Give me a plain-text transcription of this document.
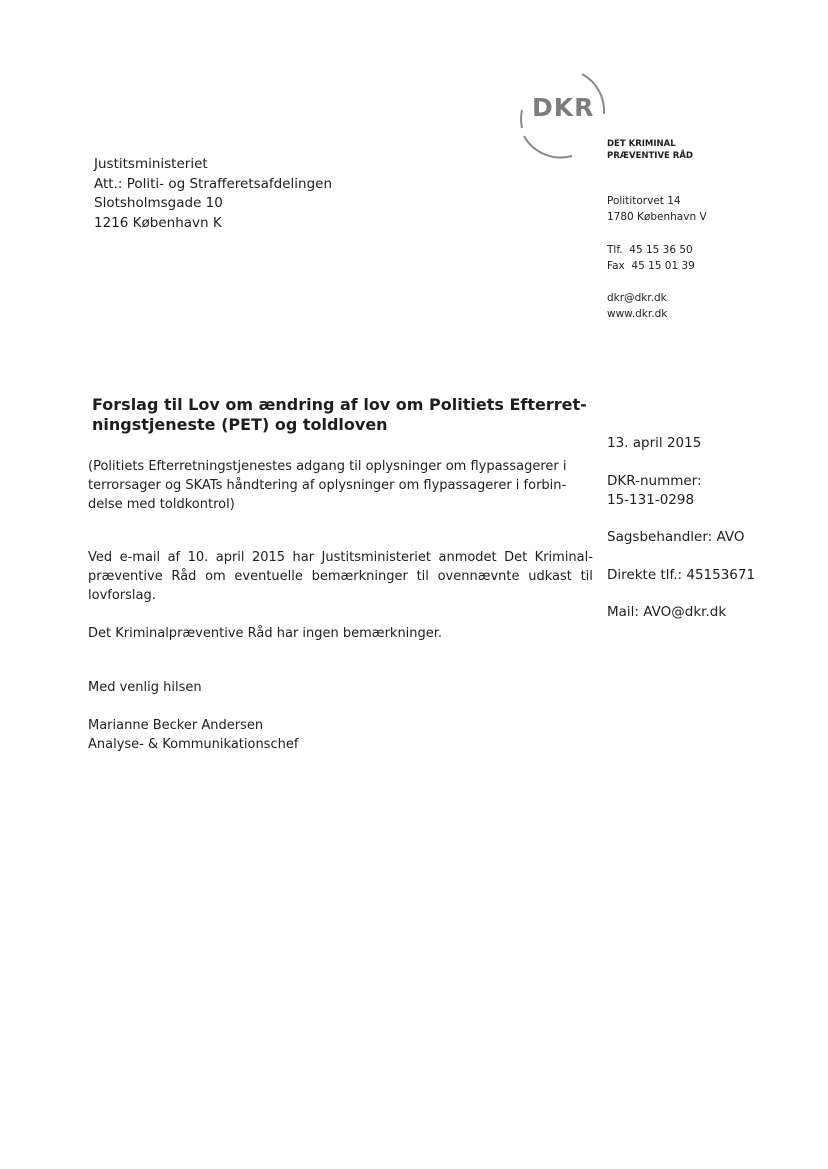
DKR
DET KRIMINAL
PRÆVENTIVE RÅD
Justitsministeriet
Att.: Politi- og Strafferetsafdelingen
Slotsholmsgade 10
1216 København K
Polititorvet 14
1780 København V
Tlf.  45 15 36 50
Fax  45 15 01 39
dkr@dkr.dk
www.dkr.dk
Forslag til Lov om ændring af lov om Politiets Efterret-
ningstjeneste (PET) og toldloven
13. april 2015
DKR-nummer:
15-131-0298
Sagsbehandler: AVO
Direkte tlf.: 45153671
Mail: AVO@dkr.dk
(Politiets Efterretningstjenestes adgang til oplysninger om flypassagerer i
terrorsager og SKATs håndtering af oplysninger om flypassagerer i forbin-
delse med toldkontrol)
Ved e-mail af 10. april 2015 har Justitsministeriet anmodet Det Kriminal-
præventive Råd om eventuelle bemærkninger til ovennævnte udkast til
lovforslag.
Det Kriminalpræventive Råd har ingen bemærkninger.
Med venlig hilsen
Marianne Becker Andersen
Analyse- & Kommunikationschef
